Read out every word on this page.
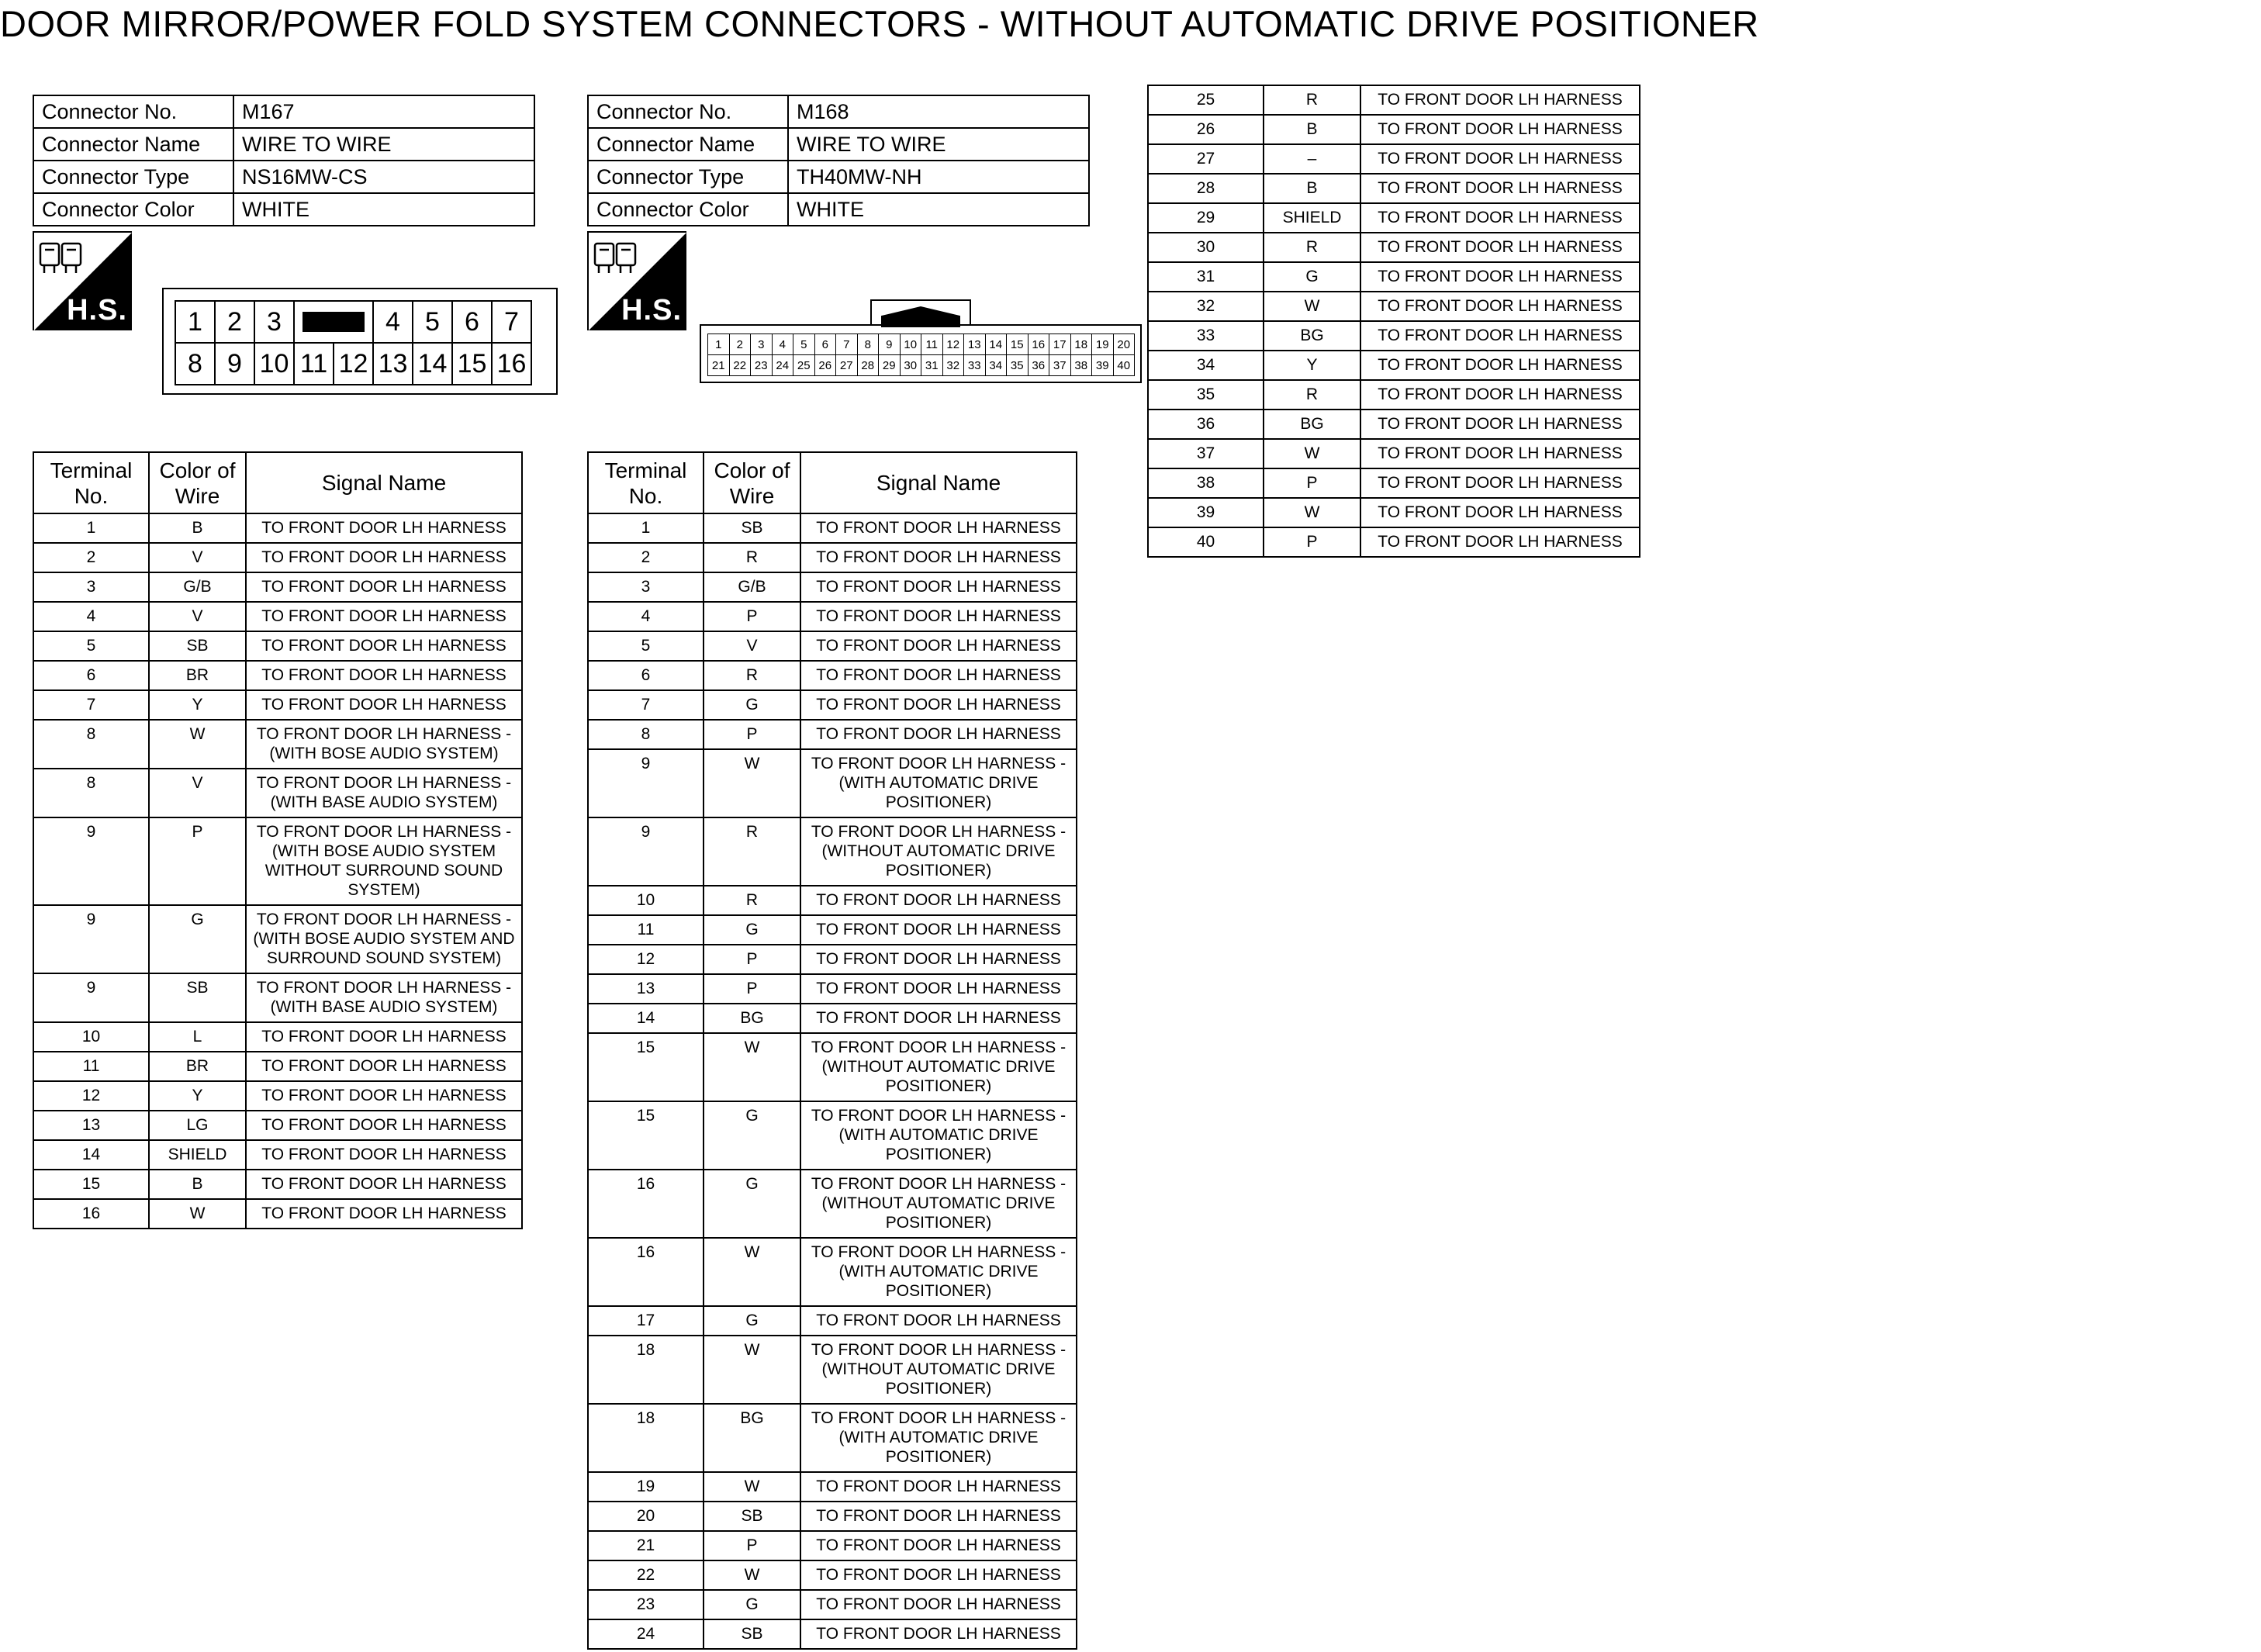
DOOR MIRROR/POWER FOLD SYSTEM CONNECTORS - WITHOUT AUTOMATIC DRIVE POSITIONER
Connector No.	M167
Connector Name	WIRE TO WIRE
Connector Type	NS16MW-CS
Connector Color	WHITE
Connector No.	M168
Connector Name	WIRE TO WIRE
Connector Type	TH40MW-NH
Connector Color	WHITE
H.S.	H.S.
1 2 3	4 5 6 7
8 9 10 11 12 13 14 15 16
1	2	3	4	5	6	7	8	9 10 11 12 13 14 15 16 17 18 19 20
21 22 23 24 25 26 27 28 29 30 31 32 33 34 35 36 37 38 39 40
Terminal No.	Color of Wire	Signal Name
1	B	TO FRONT DOOR LH HARNESS
2	V	TO FRONT DOOR LH HARNESS
3	G/B	TO FRONT DOOR LH HARNESS
4	V	TO FRONT DOOR LH HARNESS
5	SB	TO FRONT DOOR LH HARNESS
6	BR	TO FRONT DOOR LH HARNESS
7	Y	TO FRONT DOOR LH HARNESS
8	W	TO FRONT DOOR LH HARNESS - (WITH BOSE AUDIO SYSTEM)
8	V	TO FRONT DOOR LH HARNESS - (WITH BASE AUDIO SYSTEM)
9	P	TO FRONT DOOR LH HARNESS - (WITH BOSE AUDIO SYSTEM WITHOUT SURROUND SOUND SYSTEM)
9	G	TO FRONT DOOR LH HARNESS - (WITH BOSE AUDIO SYSTEM AND SURROUND SOUND SYSTEM)
9	SB	TO FRONT DOOR LH HARNESS - (WITH BASE AUDIO SYSTEM)
10	L	TO FRONT DOOR LH HARNESS
11	BR	TO FRONT DOOR LH HARNESS
12	Y	TO FRONT DOOR LH HARNESS
13	LG	TO FRONT DOOR LH HARNESS
14	SHIELD	TO FRONT DOOR LH HARNESS
15	B	TO FRONT DOOR LH HARNESS
16	W	TO FRONT DOOR LH HARNESS
Terminal No.	Color of Wire	Signal Name
1	SB	TO FRONT DOOR LH HARNESS
2	R	TO FRONT DOOR LH HARNESS
3	G/B	TO FRONT DOOR LH HARNESS
4	P	TO FRONT DOOR LH HARNESS
5	V	TO FRONT DOOR LH HARNESS
6	R	TO FRONT DOOR LH HARNESS
7	G	TO FRONT DOOR LH HARNESS
8	P	TO FRONT DOOR LH HARNESS
9	W	TO FRONT DOOR LH HARNESS - (WITH AUTOMATIC DRIVE POSITIONER)
9	R	TO FRONT DOOR LH HARNESS - (WITHOUT AUTOMATIC DRIVE POSITIONER)
10	R	TO FRONT DOOR LH HARNESS
11	G	TO FRONT DOOR LH HARNESS
12	P	TO FRONT DOOR LH HARNESS
13	P	TO FRONT DOOR LH HARNESS
14	BG	TO FRONT DOOR LH HARNESS
15	W	TO FRONT DOOR LH HARNESS - (WITHOUT AUTOMATIC DRIVE POSITIONER)
15	G	TO FRONT DOOR LH HARNESS - (WITH AUTOMATIC DRIVE POSITIONER)
16	G	TO FRONT DOOR LH HARNESS - (WITHOUT AUTOMATIC DRIVE POSITIONER)
16	W	TO FRONT DOOR LH HARNESS - (WITH AUTOMATIC DRIVE POSITIONER)
17	G	TO FRONT DOOR LH HARNESS
18	W	TO FRONT DOOR LH HARNESS - (WITHOUT AUTOMATIC DRIVE POSITIONER)
18	BG	TO FRONT DOOR LH HARNESS - (WITH AUTOMATIC DRIVE POSITIONER)
19	W	TO FRONT DOOR LH HARNESS
20	SB	TO FRONT DOOR LH HARNESS
21	P	TO FRONT DOOR LH HARNESS
22	W	TO FRONT DOOR LH HARNESS
23	G	TO FRONT DOOR LH HARNESS
24	SB	TO FRONT DOOR LH HARNESS
25	R	TO FRONT DOOR LH HARNESS
26	B	TO FRONT DOOR LH HARNESS
27	–	TO FRONT DOOR LH HARNESS
28	B	TO FRONT DOOR LH HARNESS
29	SHIELD	TO FRONT DOOR LH HARNESS
30	R	TO FRONT DOOR LH HARNESS
31	G	TO FRONT DOOR LH HARNESS
32	W	TO FRONT DOOR LH HARNESS
33	BG	TO FRONT DOOR LH HARNESS
34	Y	TO FRONT DOOR LH HARNESS
35	R	TO FRONT DOOR LH HARNESS
36	BG	TO FRONT DOOR LH HARNESS
37	W	TO FRONT DOOR LH HARNESS
38	P	TO FRONT DOOR LH HARNESS
39	W	TO FRONT DOOR LH HARNESS
40	P	TO FRONT DOOR LH HARNESS
